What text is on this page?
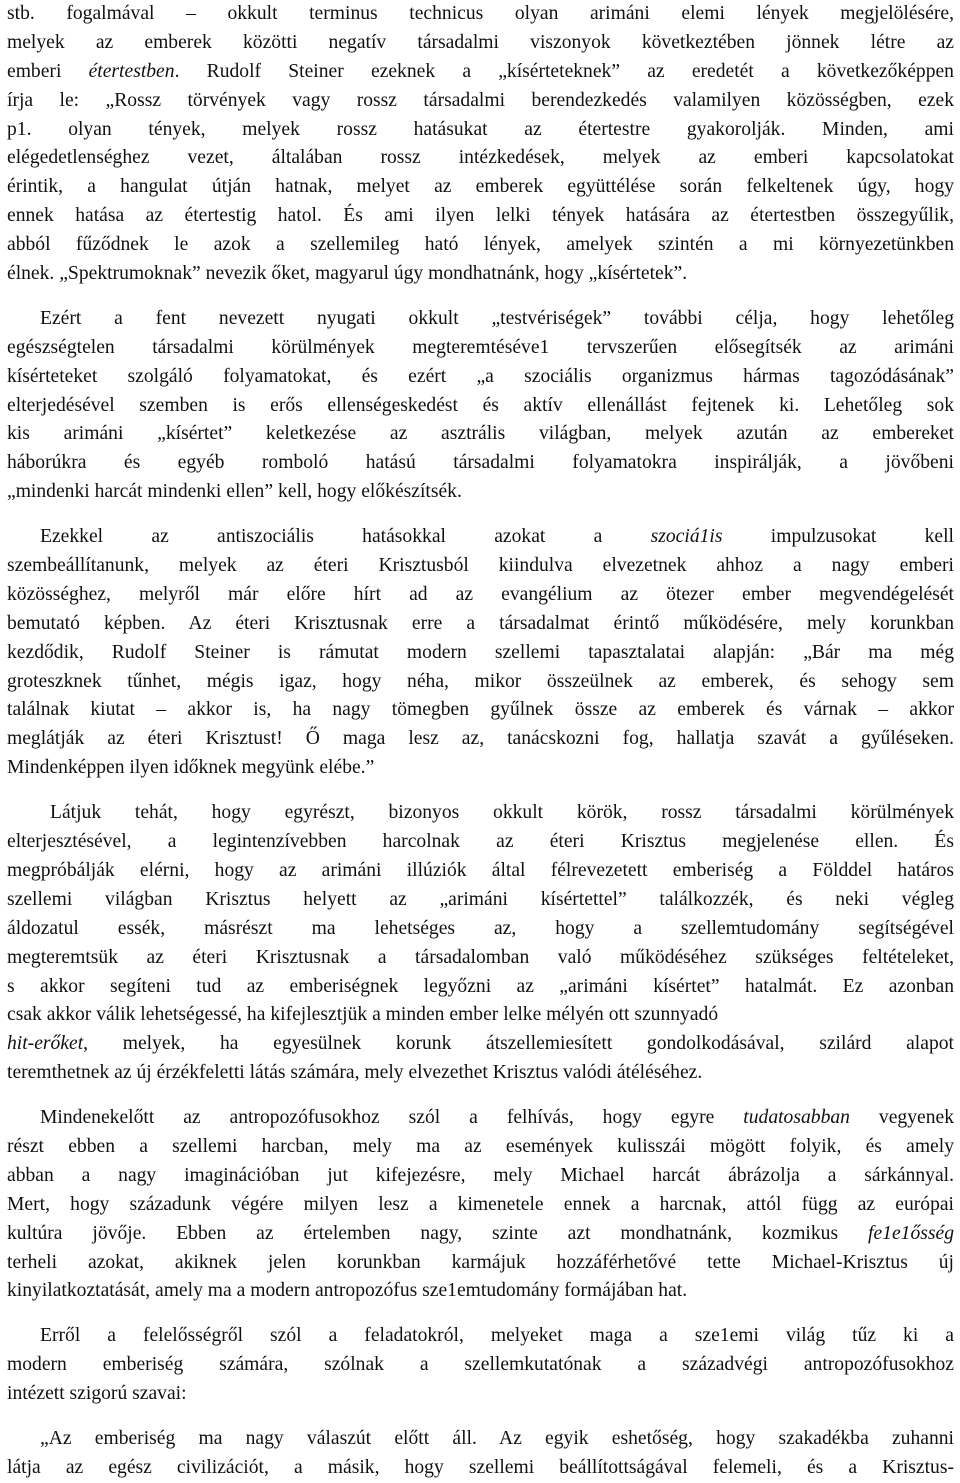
stb. fogalmával – okkult terminus technicus olyan arimáni elemi lények megjelölésére,
melyek az emberek közötti negatív társadalmi viszonyok következtében jönnek létre az
emberi étertestben. Rudolf Steiner ezeknek a „kísérteteknek” az eredetét a következőképpen
írja le: „Rossz törvények vagy rossz társadalmi berendezkedés valamilyen közösségben, ezek
p1. olyan tények, melyek rossz hatásukat az étertestre gyakorolják. Minden, ami
elégedetlenséghez vezet, általában rossz intézkedések, melyek az emberi kapcsolatokat
érintik, a hangulat útján hatnak, melyet az emberek együttélése során felkeltenek úgy, hogy
ennek hatása az étertestig hatol. És ami ilyen lelki tények hatására az étertestben összegyűlik,
abból fűződnek le azok a szellemileg ható lények, amelyek szintén a mi környezetünkben
élnek. „Spektrumoknak” nevezik őket, magyarul úgy mondhatnánk, hogy „kísértetek”.
Ezért a fent nevezett nyugati okkult „testvériségek” további célja, hogy lehetőleg
egészségtelen társadalmi körülmények megteremtéséve1 tervszerűen elősegítsék az arimáni
kísérteteket szolgáló folyamatokat, és ezért „a szociális organizmus hármas tagozódásának”
elterjedésével szemben is erős ellenségeskedést és aktív ellenállást fejtenek ki. Lehetőleg sok
kis arimáni „kísértet” keletkezése az asztrális világban, melyek azután az embereket
háborúkra és egyéb romboló hatású társadalmi folyamatokra inspirálják, a jövőbeni
„mindenki harcát mindenki ellen” kell, hogy előkészítsék.
Ezekkel az antiszociális hatásokkal azokat a szociá1is impulzusokat kell
szembeállítanunk, melyek az éteri Krisztusból kiindulva elvezetnek ahhoz a nagy emberi
közösséghez, melyről már előre hírt ad az evangélium az ötezer ember megvendégelését
bemutató képben. Az éteri Krisztusnak erre a társadalmat érintő működésére, mely korunkban
kezdődik, Rudolf Steiner is rámutat modern szellemi tapasztalatai alapján: „Bár ma még
groteszknek tűnhet, mégis igaz, hogy néha, mikor összeülnek az emberek, és sehogy sem
találnak kiutat – akkor is, ha nagy tömegben gyűlnek össze az emberek és várnak – akkor
meglátják az éteri Krisztust! Ő maga lesz az, tanácskozni fog, hallatja szavát a gyűléseken.
Mindenképpen ilyen időknek megyünk elébe.”
Látjuk tehát, hogy egyrészt, bizonyos okkult körök, rossz társadalmi körülmények
elterjesztésével, a legintenzívebben harcolnak az éteri Krisztus megjelenése ellen. És
megpróbálják elérni, hogy az arimáni illúziók által félrevezetett emberiség a Földdel határos
szellemi világban Krisztus helyett az „arimáni kísértettel” találkozzék, és neki végleg
áldozatul essék, másrészt ma lehetséges az, hogy a szellemtudomány segítségével
megteremtsük az éteri Krisztusnak a társadalomban való működéséhez szükséges feltételeket,
s akkor segíteni tud az emberiségnek legyőzni az „arimáni kísértet” hatalmát. Ez azonban
csak akkor válik lehetségessé, ha kifejlesztjük a minden ember lelke mélyén ott szunnyadó
hit-erőket, melyek, ha egyesülnek korunk átszellemiesített gondolkodásával, szilárd alapot
teremthetnek az új érzékfeletti látás számára, mely elvezethet Krisztus valódi átéléséhez.
Mindenekelőtt az antropozófusokhoz szól a felhívás, hogy egyre tudatosabban vegyenek
részt ebben a szellemi harcban, mely ma az események kulisszái mögött folyik, és amely
abban a nagy imaginációban jut kifejezésre, mely Michael harcát ábrázolja a sárkánnyal.
Mert, hogy századunk végére milyen lesz a kimenetele ennek a harcnak, attól függ az európai
kultúra jövője. Ebben az értelemben nagy, szinte azt mondhatnánk, kozmikus fe1e1ősség
terheli azokat, akiknek jelen korunkban karmájuk hozzáférhetővé tette Michael-Krisztus új
kinyilatkoztatását, amely ma a modern antropozófus sze1emtudomány formájában hat.
Erről a felelősségről szól a feladatokról, melyeket maga a sze1emi világ tűz ki a
modern emberiség számára, szólnak a szellemkutatónak a századvégi antropozófusokhoz
intézett szigorú szavai:
„Az emberiség ma nagy válaszút előtt áll. Az egyik eshetőség, hogy szakadékba zuhanni
látja az egész civilizációt, a másik, hogy szellemi beállítottságával felemeli, és a Krisztus-
